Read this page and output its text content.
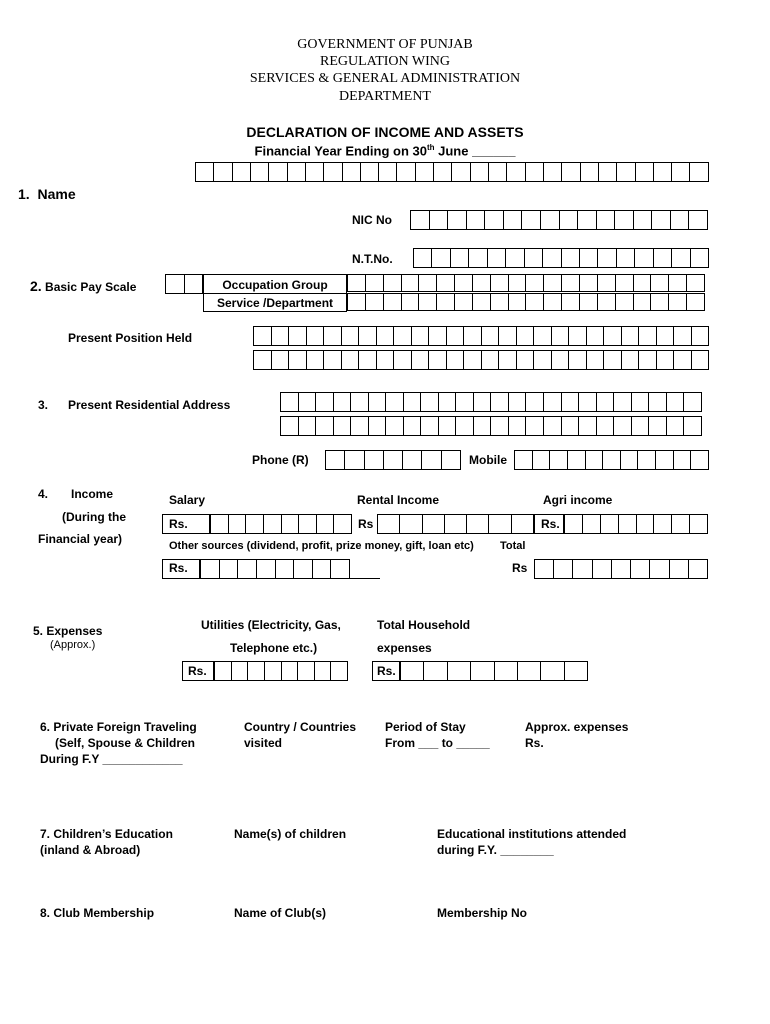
GOVERNMENT OF PUNJAB
REGULATION WING
SERVICES & GENERAL ADMINISTRATION
DEPARTMENT
DECLARATION OF INCOME AND ASSETS
Financial Year Ending on 30th June ______
1. Name
NIC No
N.T.No.
2. Basic Pay Scale	Occupation Group
Service /Department
Present Position Held
3. Present Residential Address
Phone (R)	Mobile
4. Income
(During the
Financial year)
Salary	Rental Income	Agri income
Rs.	Rs	Rs.
Other sources (dividend, profit, prize money, gift, loan etc) Total
Rs.	Rs
5. Expenses
(Approx.)
Utilities (Electricity, Gas,
Telephone etc.)
Total Household
expenses
Rs.	Rs.
6. Private Foreign Traveling
(Self, Spouse & Children
During F.Y ____________
Country / Countries
visited
Period of Stay
From ___ to _____
Approx. expenses
Rs.
7. Children’s Education
(inland & Abroad)
Name(s) of children	Educational institutions attended
during F.Y. ________
8. Club Membership	Name of Club(s)	Membership No
